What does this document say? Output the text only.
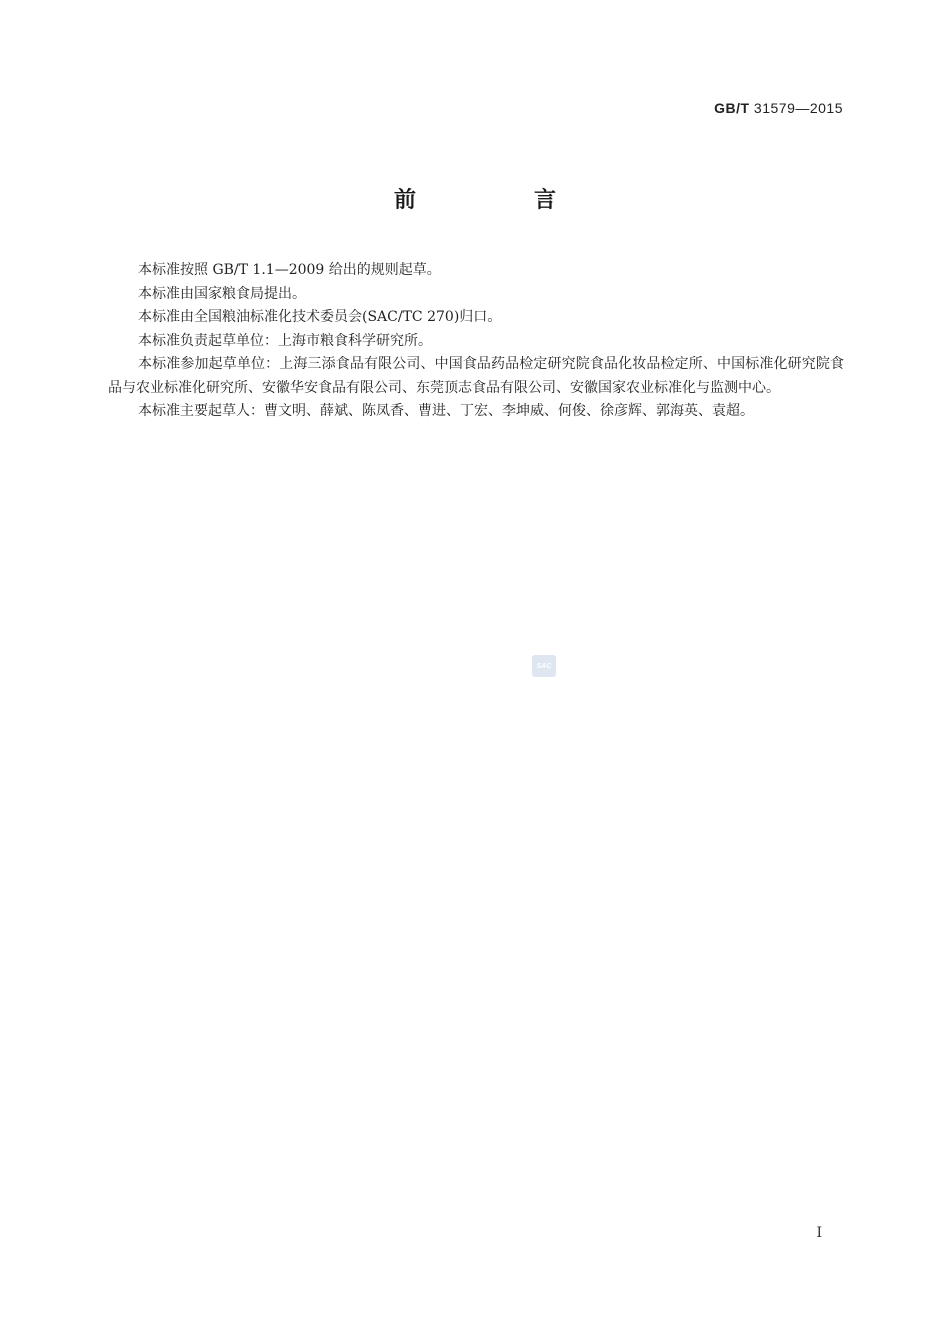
GB/T 31579—2015
前　言

本标准按照 GB/T 1.1—2009 给出的规则起草。

本标准由国家粮食局提出。

本标准由全国粮油标准化技术委员会(SAC/TC 270)归口。

本标准负责起草单位：上海市粮食科学研究所。

本标准参加起草单位：上海三添食品有限公司、中国食品药品检定研究院食品化妆品检定所、中国标准化研究院食品与农业标准化研究所、安徽华安食品有限公司、东莞顶志食品有限公司、安徽国家农业标准化与监测中心。

本标准主要起草人：曹文明、薛斌、陈凤香、曹进、丁宏、李坤威、何俊、徐彦辉、郭海英、袁超。

SAC
I
